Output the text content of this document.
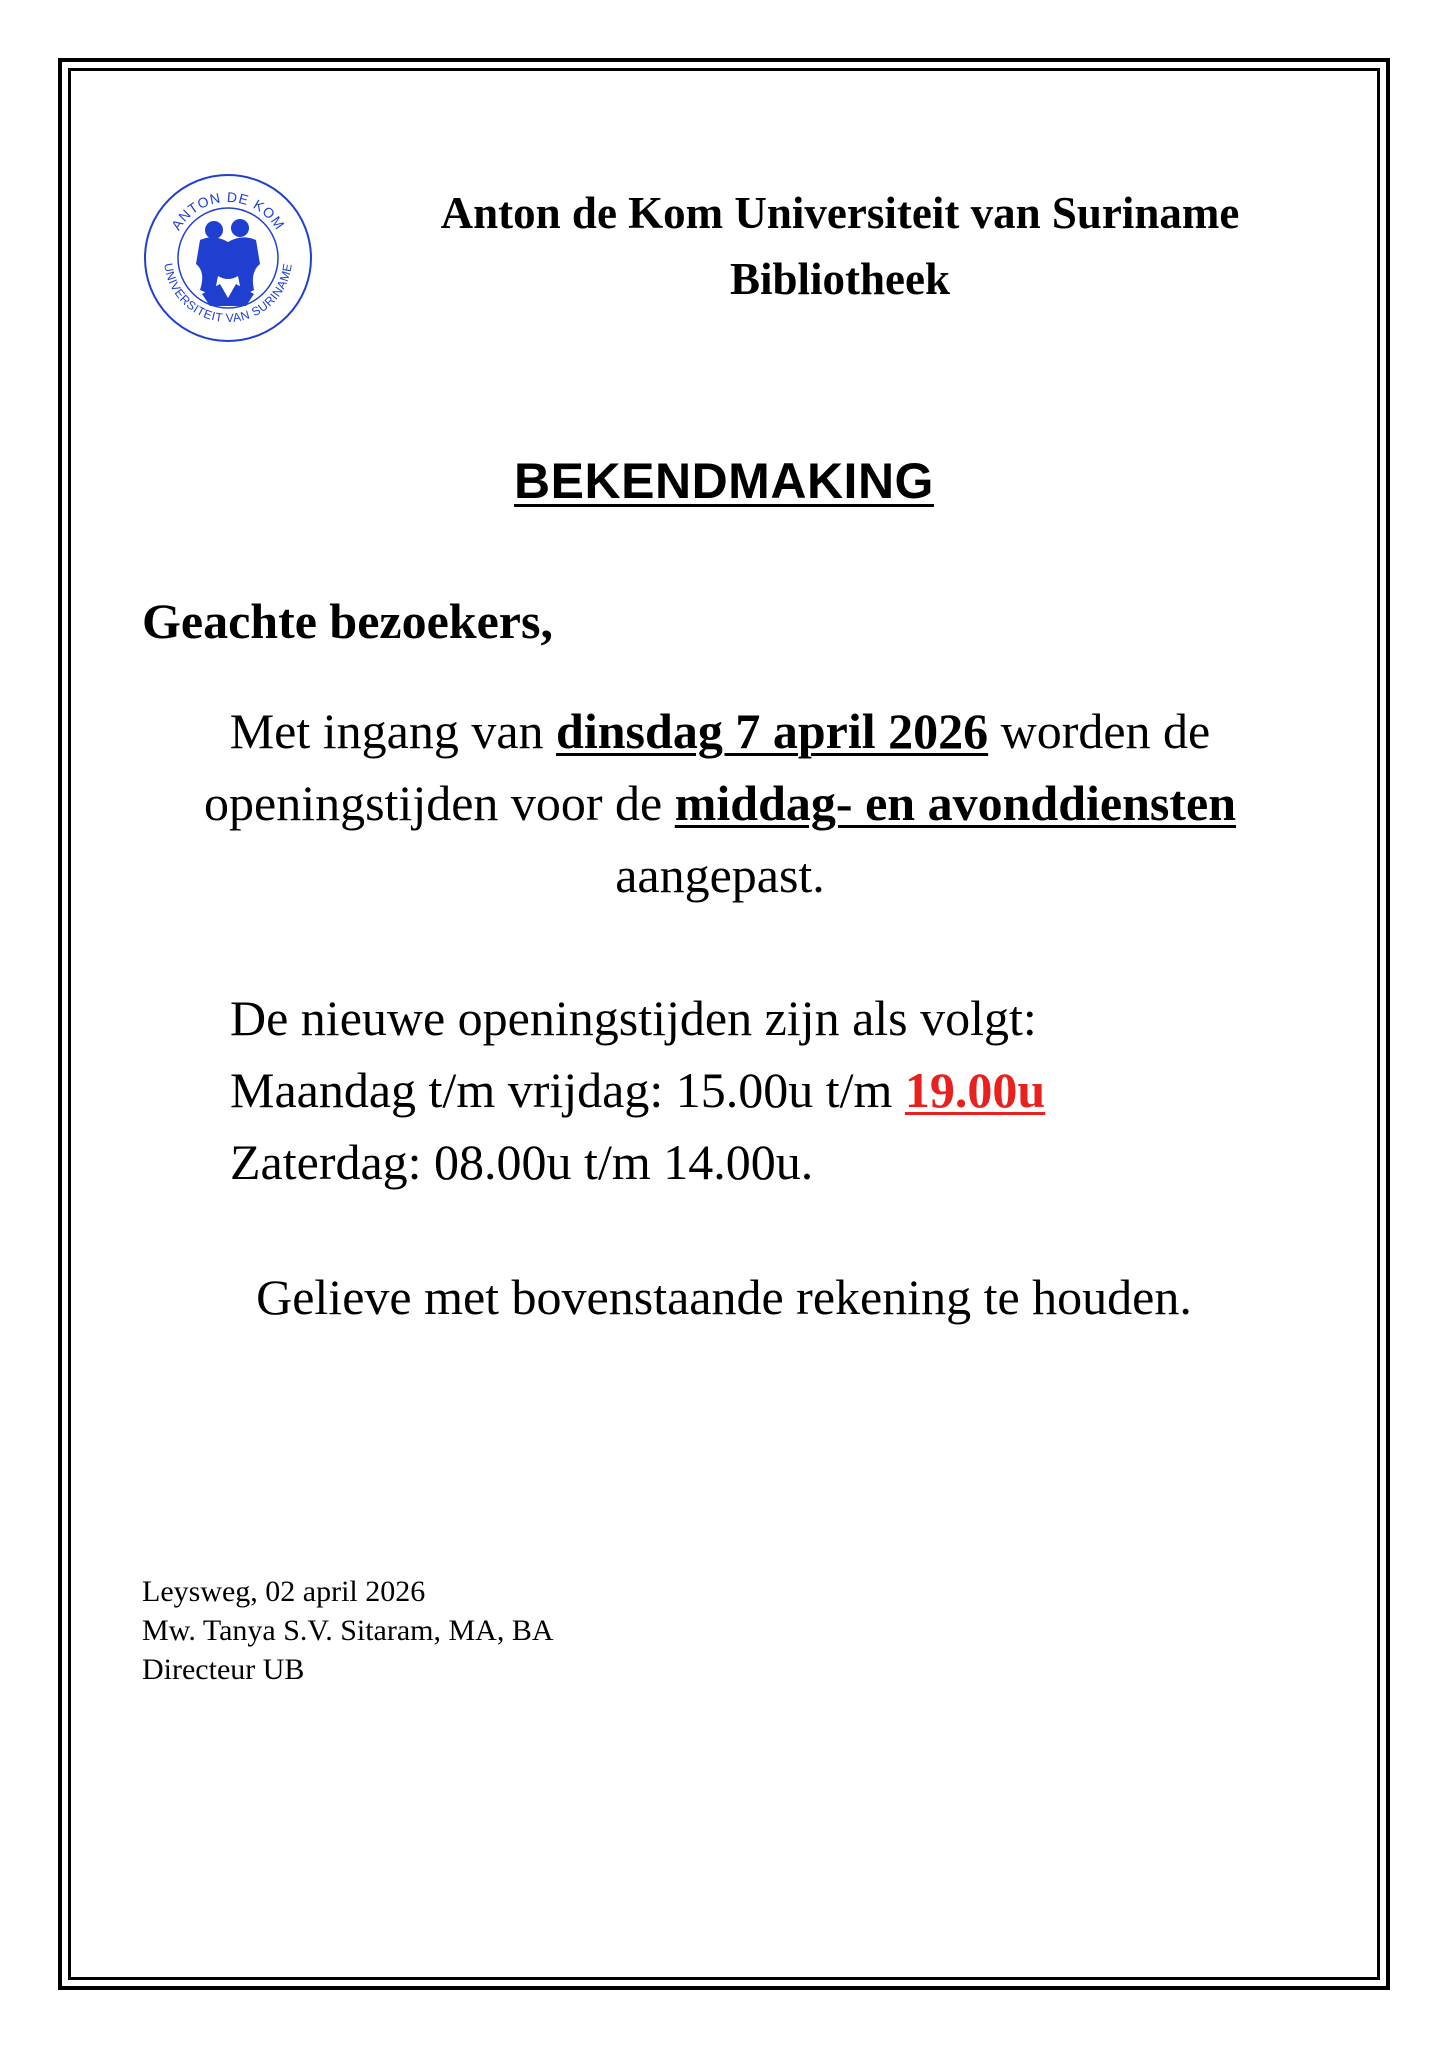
ANTON DE KOM
UNIVERSITEIT VAN SURINAME
Anton de Kom Universiteit van Suriname
Bibliotheek
BEKENDMAKING
Geachte bezoekers,
Met ingang van dinsdag 7 april 2026 worden de openingstijden voor de middag- en avonddiensten aangepast.
De nieuwe openingstijden zijn als volgt:
Maandag t/m vrijdag: 15.00u t/m 19.00u
Zaterdag: 08.00u t/m 14.00u.
Gelieve met bovenstaande rekening te houden.
Leysweg, 02 april 2026
Mw. Tanya S.V. Sitaram, MA, BA
Directeur UB
